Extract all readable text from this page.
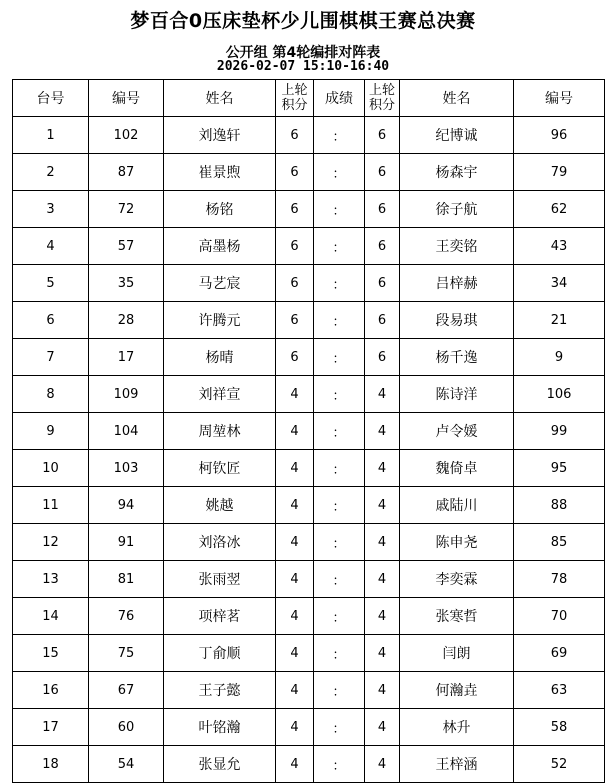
梦百合0压床垫杯少儿围棋棋王赛总决赛
公开组 第4轮编排对阵表
2026-02-07 15:10-16:40
台号	编号	姓名	上轮积分	成绩	上轮积分	姓名	编号
1	102	刘逸轩	6	：	6	纪博诚	96
2	87	崔景煦	6	：	6	杨森宇	79
3	72	杨铭	6	：	6	徐子航	62
4	57	高墨杨	6	：	6	王奕铭	43
5	35	马艺宸	6	：	6	吕梓赫	34
6	28	许腾元	6	：	6	段易琪	21
7	17	杨晴	6	：	6	杨千逸	9
8	109	刘祥宣	4	：	4	陈诗洋	106
9	104	周堃林	4	：	4	卢令媛	99
10	103	柯钦匠	4	：	4	魏倚卓	95
11	94	姚越	4	：	4	戚陆川	88
12	91	刘洛冰	4	：	4	陈申尧	85
13	81	张雨翌	4	：	4	李奕霖	78
14	76	项梓茗	4	：	4	张寒哲	70
15	75	丁俞顺	4	：	4	闫朗	69
16	67	王子懿	4	：	4	何瀚垚	63
17	60	叶铭瀚	4	：	4	林升	58
18	54	张显允	4	：	4	王梓涵	52
